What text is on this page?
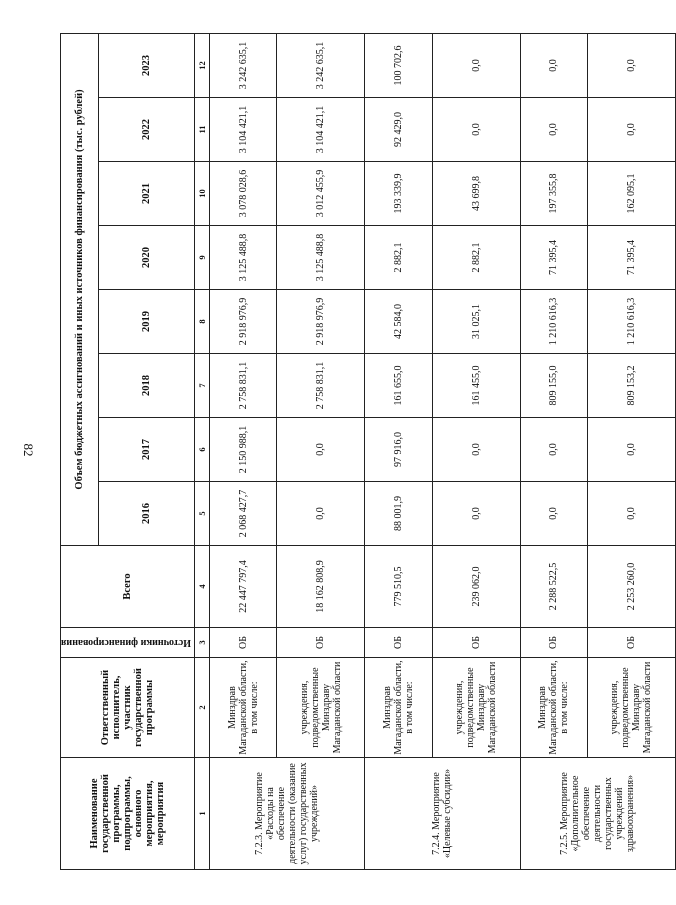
82
Наименование государственной программы, подпрограммы, основного мероприятия, мероприятия	Ответственный исполнитель, участник государственной программы	Источники финансирования	Всего	Объем бюджетных ассигнований и иных источников финансирования (тыс. рублей)							
				2016	2017	2018	2019	2020	2021	2022	2023
1	2	3	4	5	6	7	8	9	10	11	12
7.2.3. Мероприятие «Расходы на обеспечение деятельности (оказание услуг) государственных учреждений»	Минздрав Магаданской области, в том числе:	ОБ	22 447 797,4	2 068 427,7	2 150 988,1	2 758 831,1	2 918 976,9	3 125 488,8	3 078 028,6	3 104 421,1	3 242 635,1
	учреждения, подведомственные Минздраву Магаданской области	ОБ	18 162 808,9	0,0	0,0	2 758 831,1	2 918 976,9	3 125 488,8	3 012 455,9	3 104 421,1	3 242 635,1
7.2.4. Мероприятие «Целевые субсидии»	Минздрав Магаданской области, в том числе:	ОБ	779 510,5	88 001,9	97 916,0	161 655,0	42 584,0	2 882,1	193 339,9	92 429,0	100 702,6
	учреждения, подведомственные Минздраву Магаданской области	ОБ	239 062,0	0,0	0,0	161 455,0	31 025,1	2 882,1	43 699,8	0,0	0,0
7.2.5. Мероприятие «Дополнительное обеспечение деятельности государственных учреждений здравоохранения»	Минздрав Магаданской области, в том числе:	ОБ	2 288 522,5	0,0	0,0	809 155,0	1 210 616,3	71 395,4	197 355,8	0,0	0,0
	учреждения, подведомственные Минздраву Магаданской области	ОБ	2 253 260,0	0,0	0,0	809 153,2	1 210 616,3	71 395,4	162 095,1	0,0	0,0
